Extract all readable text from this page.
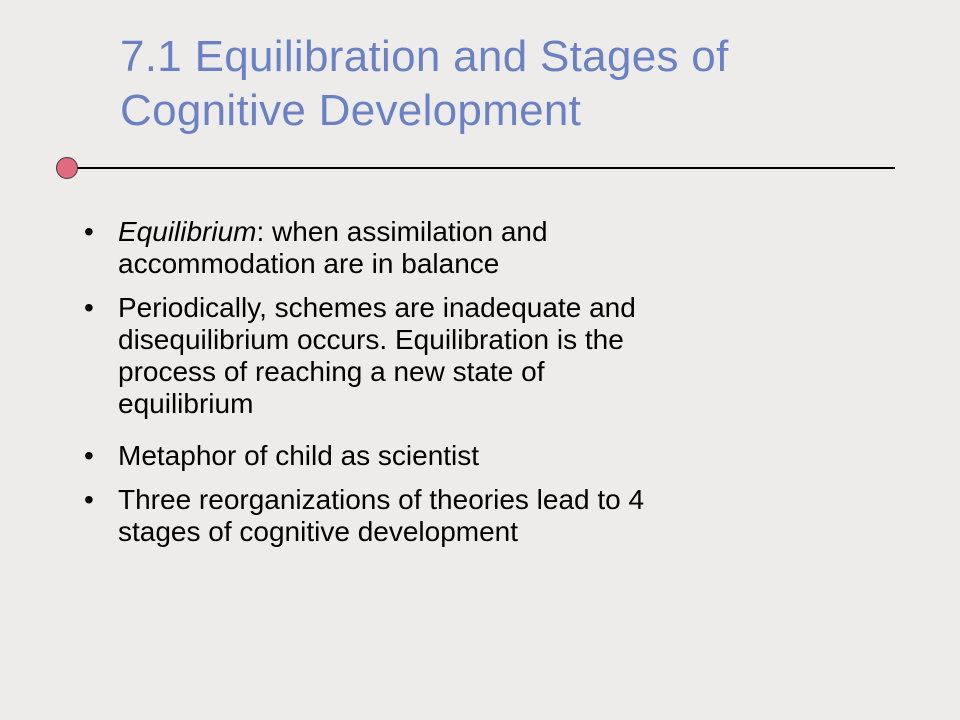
7.1 Equilibration and Stages of
Cognitive Development
• Equilibrium: when assimilation and
accommodation are in balance
• Periodically, schemes are inadequate and
disequilibrium occurs. Equilibration is the
process of reaching a new state of
equilibrium
• Metaphor of child as scientist
• Three reorganizations of theories lead to 4
stages of cognitive development
